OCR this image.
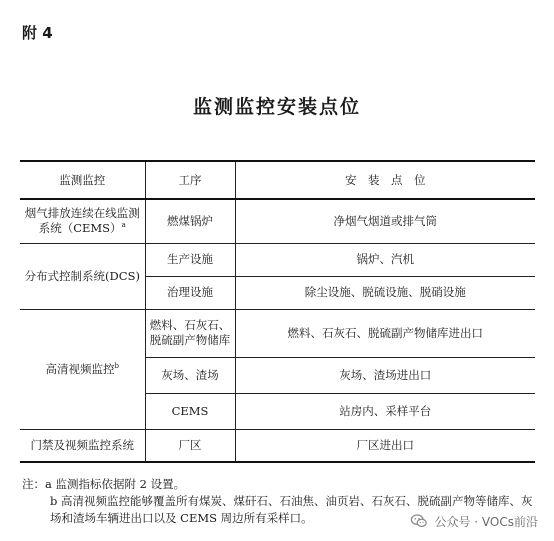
附 4
监测监控安装点位
监测监控	工序	安　装　点　位
烟气排放连续在线监测系统（CEMS）$^a$	燃煤锅炉	净烟气烟道或排气筒
分布式控制系统(DCS)	生产设施	锅炉、汽机
	治理设施	除尘设施、脱硫设施、脱硝设施
高清视频监控$^b$	燃料、石灰石、脱硫副产物储库	燃料、石灰石、脱硫副产物储库进出口
	灰场、渣场	灰场、渣场进出口
	CEMS	站房内、采样平台
门禁及视频监控系统	厂区	厂区进出口
注：a 监测指标依据附 2 设置。
b 高清视频监控能够覆盖所有煤炭、煤矸石、石油焦、油页岩、石灰石、脱硫副产物等储库、灰场和渣场车辆进出口以及 CEMS 周边所有采样口。	公众号 · VOCs前沿
